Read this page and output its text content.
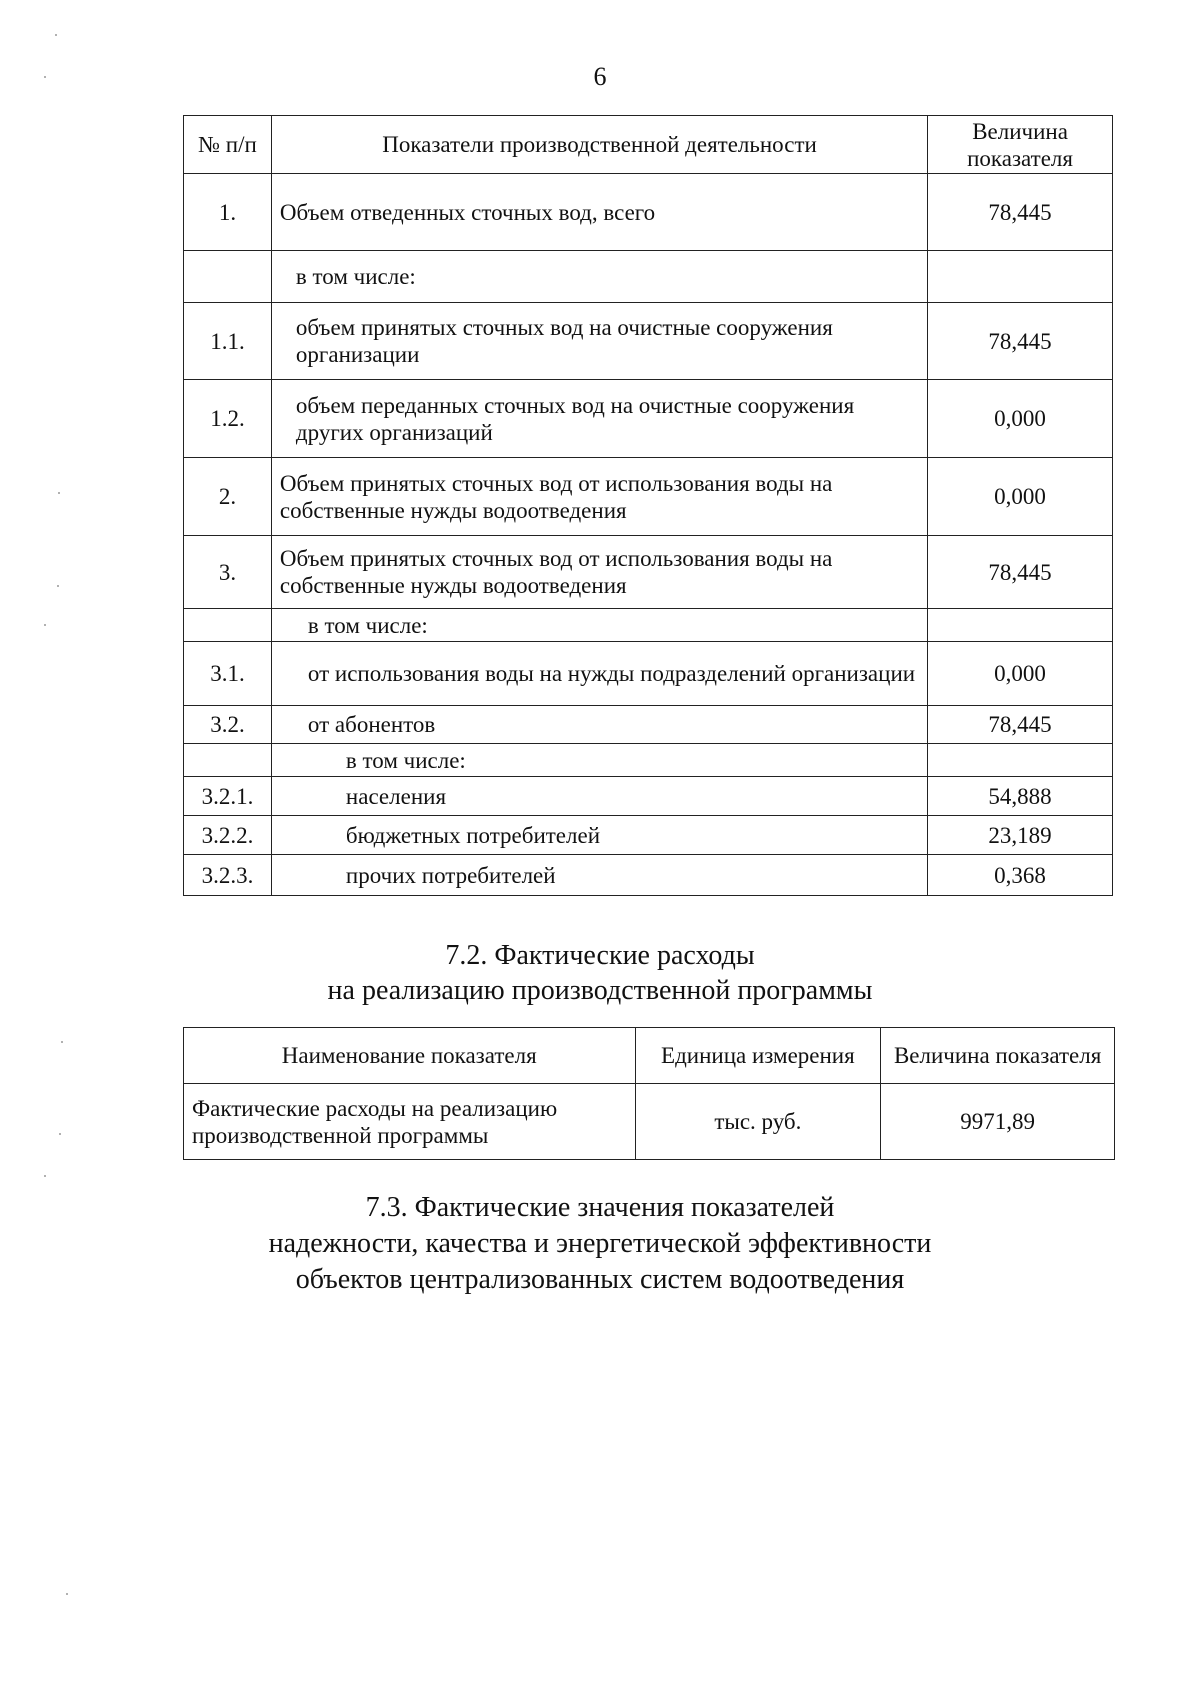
6
№ п/п	Показатели производственной деятельности	Величина показателя
1.	Объем отведенных сточных вод, всего	78,445
	в том числе:	
1.1.	объем принятых сточных вод на очистные сооружения организации	78,445
1.2.	объем переданных сточных вод на очистные сооружения других организаций	0,000
2.	Объем принятых сточных вод от использования воды на собственные нужды водоотведения	0,000
3.	Объем принятых сточных вод от использования воды на собственные нужды водоотведения	78,445
	в том числе:	
3.1.	от использования воды на нужды подразделений организации	0,000
3.2.	от абонентов	78,445
	в том числе:	
3.2.1.	населения	54,888
3.2.2.	бюджетных потребителей	23,189
3.2.3.	прочих потребителей	0,368
7.2. Фактические расходы
на реализацию производственной программы
Наименование показателя	Единица измерения	Величина показателя
Фактические расходы на реализацию производственной программы	тыс. руб.	9971,89
7.3. Фактические значения показателей
надежности, качества и энергетической эффективности
объектов централизованных систем водоотведения
